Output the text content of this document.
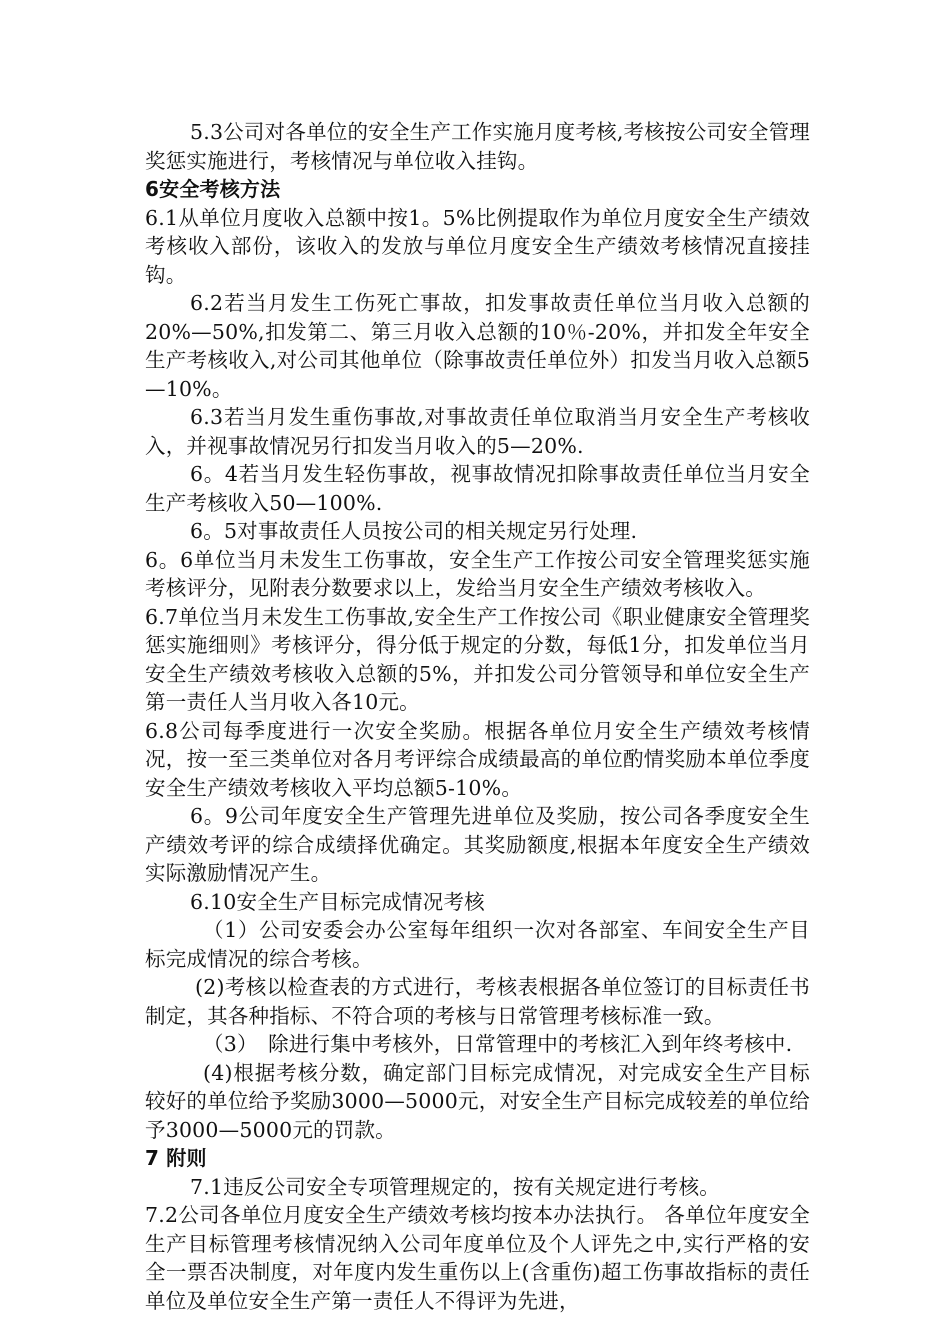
5.3公司对各单位的安全生产工作实施月度考核,考核按公司安全管理奖惩实施进行，考核情况与单位收入挂钩。

6安全考核方法

6.1从单位月度收入总额中按1。5%比例提取作为单位月度安全生产绩效考核收入部份，该收入的发放与单位月度安全生产绩效考核情况直接挂钩。

6.2若当月发生工伤死亡事故，扣发事故责任单位当月收入总额的20%—50%,扣发第二、第三月收入总额的10％-20%，并扣发全年安全生产考核收入,对公司其他单位（除事故责任单位外）扣发当月收入总额5—10%。

6.3若当月发生重伤事故,对事故责任单位取消当月安全生产考核收入，并视事故情况另行扣发当月收入的5—20%.

6。4若当月发生轻伤事故，视事故情况扣除事故责任单位当月安全生产考核收入50—100%.

6。5对事故责任人员按公司的相关规定另行处理.

6。6单位当月未发生工伤事故，安全生产工作按公司安全管理奖惩实施考核评分，见附表分数要求以上，发给当月安全生产绩效考核收入。

6.7单位当月未发生工伤事故,安全生产工作按公司《职业健康安全管理奖惩实施细则》考核评分，得分低于规定的分数，每低1分，扣发单位当月安全生产绩效考核收入总额的5%，并扣发公司分管领导和单位安全生产第一责任人当月收入各10元。

6.8公司每季度进行一次安全奖励。根据各单位月安全生产绩效考核情况，按一至三类单位对各月考评综合成绩最高的单位酌情奖励本单位季度安全生产绩效考核收入平均总额5-10%。

6。9公司年度安全生产管理先进单位及奖励，按公司各季度安全生产绩效考评的综合成绩择优确定。其奖励额度,根据本年度安全生产绩效实际激励情况产生。

6.10安全生产目标完成情况考核

（1）公司安委会办公室每年组织一次对各部室、车间安全生产目标完成情况的综合考核。

(2)考核以检查表的方式进行，考核表根据各单位签订的目标责任书制定，其各种指标、不符合项的考核与日常管理考核标准一致。

（3）　除进行集中考核外，日常管理中的考核汇入到年终考核中.

(4)根据考核分数，确定部门目标完成情况，对完成安全生产目标较好的单位给予奖励3000—5000元，对安全生产目标完成较差的单位给予3000—5000元的罚款。

7 附则

7.1违反公司安全专项管理规定的，按有关规定进行考核。

7.2公司各单位月度安全生产绩效考核均按本办法执行。 各单位年度安全生产目标管理考核情况纳入公司年度单位及个人评先之中,实行严格的安全一票否决制度，对年度内发生重伤以上(含重伤)超工伤事故指标的责任单位及单位安全生产第一责任人不得评为先进，
